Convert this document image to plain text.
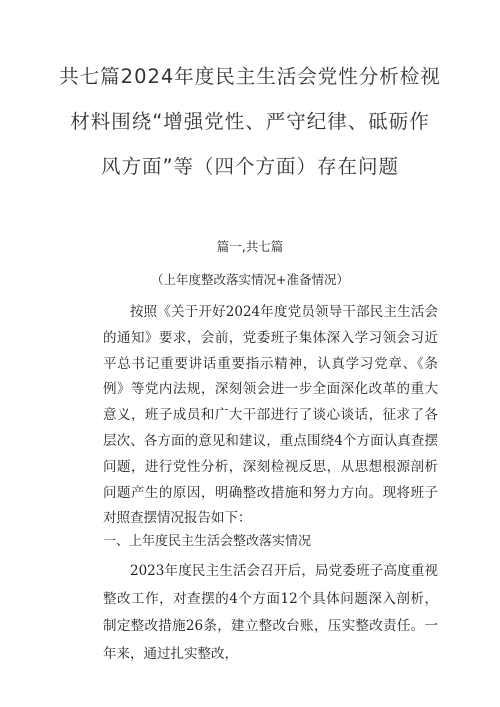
共七篇2024年度民主生活会党性分析检视
材料围绕“增强党性、严守纪律、砥砺作
风方面”等（四个方面）存在问题
篇一,共七篇
（上年度整改落实情况+准备情况）

按照《关于开好2024年度党员领导干部民主生活会的通知》要求，会前，党委班子集体深入学习领会习近平总书记重要讲话重要指示精神，认真学习党章、《条例》等党内法规，深刻领会进一步全面深化改革的重大意义，班子成员和广大干部进行了谈心谈话，征求了各层次、各方面的意见和建议，重点围绕4个方面认真查摆问题，进行党性分析，深刻检视反思，从思想根源剖析问题产生的原因，明确整改措施和努力方向。现将班子对照查摆情况报告如下：

一、上年度民主生活会整改落实情况

2023年度民主生活会召开后，局党委班子高度重视整改工作，对查摆的4个方面12个具体问题深入剖析，制定整改措施26条，建立整改台账，压实整改责任。一年来，通过扎实整改，
